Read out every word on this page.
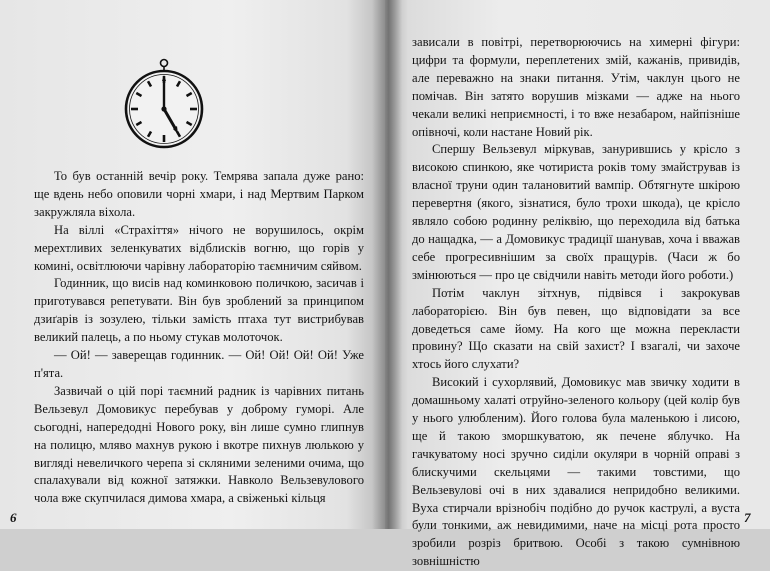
То був останній вечір року. Темрява запала дуже рано: ще вдень небо оповили чорні хмари, і над Мертвим Парком закружляла віхола.

На віллі «Страхіття» нічого не ворушилось, окрім мерехтливих зеленкуватих відблисків вогню, що горів у комині, освітлюючи чарівну лабораторію таємничим сяйвом.

Годинник, що висів над коминковою поличкою, засичав і приготувався репетувати. Він був зроблений за принципом дзиґарів із зозулею, тільки замість птаха тут вистрибував великий палець, а по ньому стукав молоточок.

— Ой! — заверещав годинник. — Ой! Ой! Ой! Ой! Уже п'ята.

Зазвичай о цій порі таємний радник із чарівних питань Вельзевул Домовикус перебував у доброму гуморі. Але сьогодні, напередодні Нового року, він лише сумно глипнув на полицю, мляво махнув рукою і вкотре пихнув люлькою у вигляді невеличкого черепа зі скляними зеленими очима, що спалахували від кожної затяжки. Навколо Вельзевулового чола вже скупчилася димова хмара, а свіженькі кільця

6

зависали в повітрі, перетворюючись на химерні фігури: цифри та формули, переплетених змій, кажанів, привидів, але переважно на знаки питання. Утім, чаклун цього не помічав. Він затято ворушив мізками — адже на нього чекали великі неприємності, і то вже незабаром, найпізніше опівночі, коли настане Новий рік.

Спершу Вельзевул міркував, занурившись у крісло з високою спинкою, яке чотириста років тому змайстрував із власної труни один талановитий вампір. Обтягнуте шкірою перевертня (якого, зізнатися, було трохи шкода), це крісло являло собою родинну реліквію, що переходила від батька до нащадка, — а Домовикус традиції шанував, хоча і вважав себе прогресивнішим за своїх пращурів. (Часи ж бо змінюються — про це свідчили навіть методи його роботи.)

Потім чаклун зітхнув, підвівся і закрокував лабораторією. Він був певен, що відповідати за все доведеться саме йому. На кого ще можна перекласти провину? Що сказати на свій захист? І взагалі, чи захоче хтось його слухати?

Високий і сухорлявий, Домовикус мав звичку ходити в домашньому халаті отруйно-зеленого кольору (цей колір був у нього улюбленим). Його голова була маленькою і лисою, ще й такою зморшкуватою, як печене яблучко. На гачкуватому носі зручно сиділи окуляри в чорній оправі з блискучими скельцями — такими товстими, що Вельзевулові очі в них здавалися непридобно великими. Вуха стирчали врізнобіч подібно до ручок каструлі, а вуста були тонкими, аж невидимими, наче на місці рота просто зробили розріз бритвою. Особі з такою сумнівною зовнішністю

7
